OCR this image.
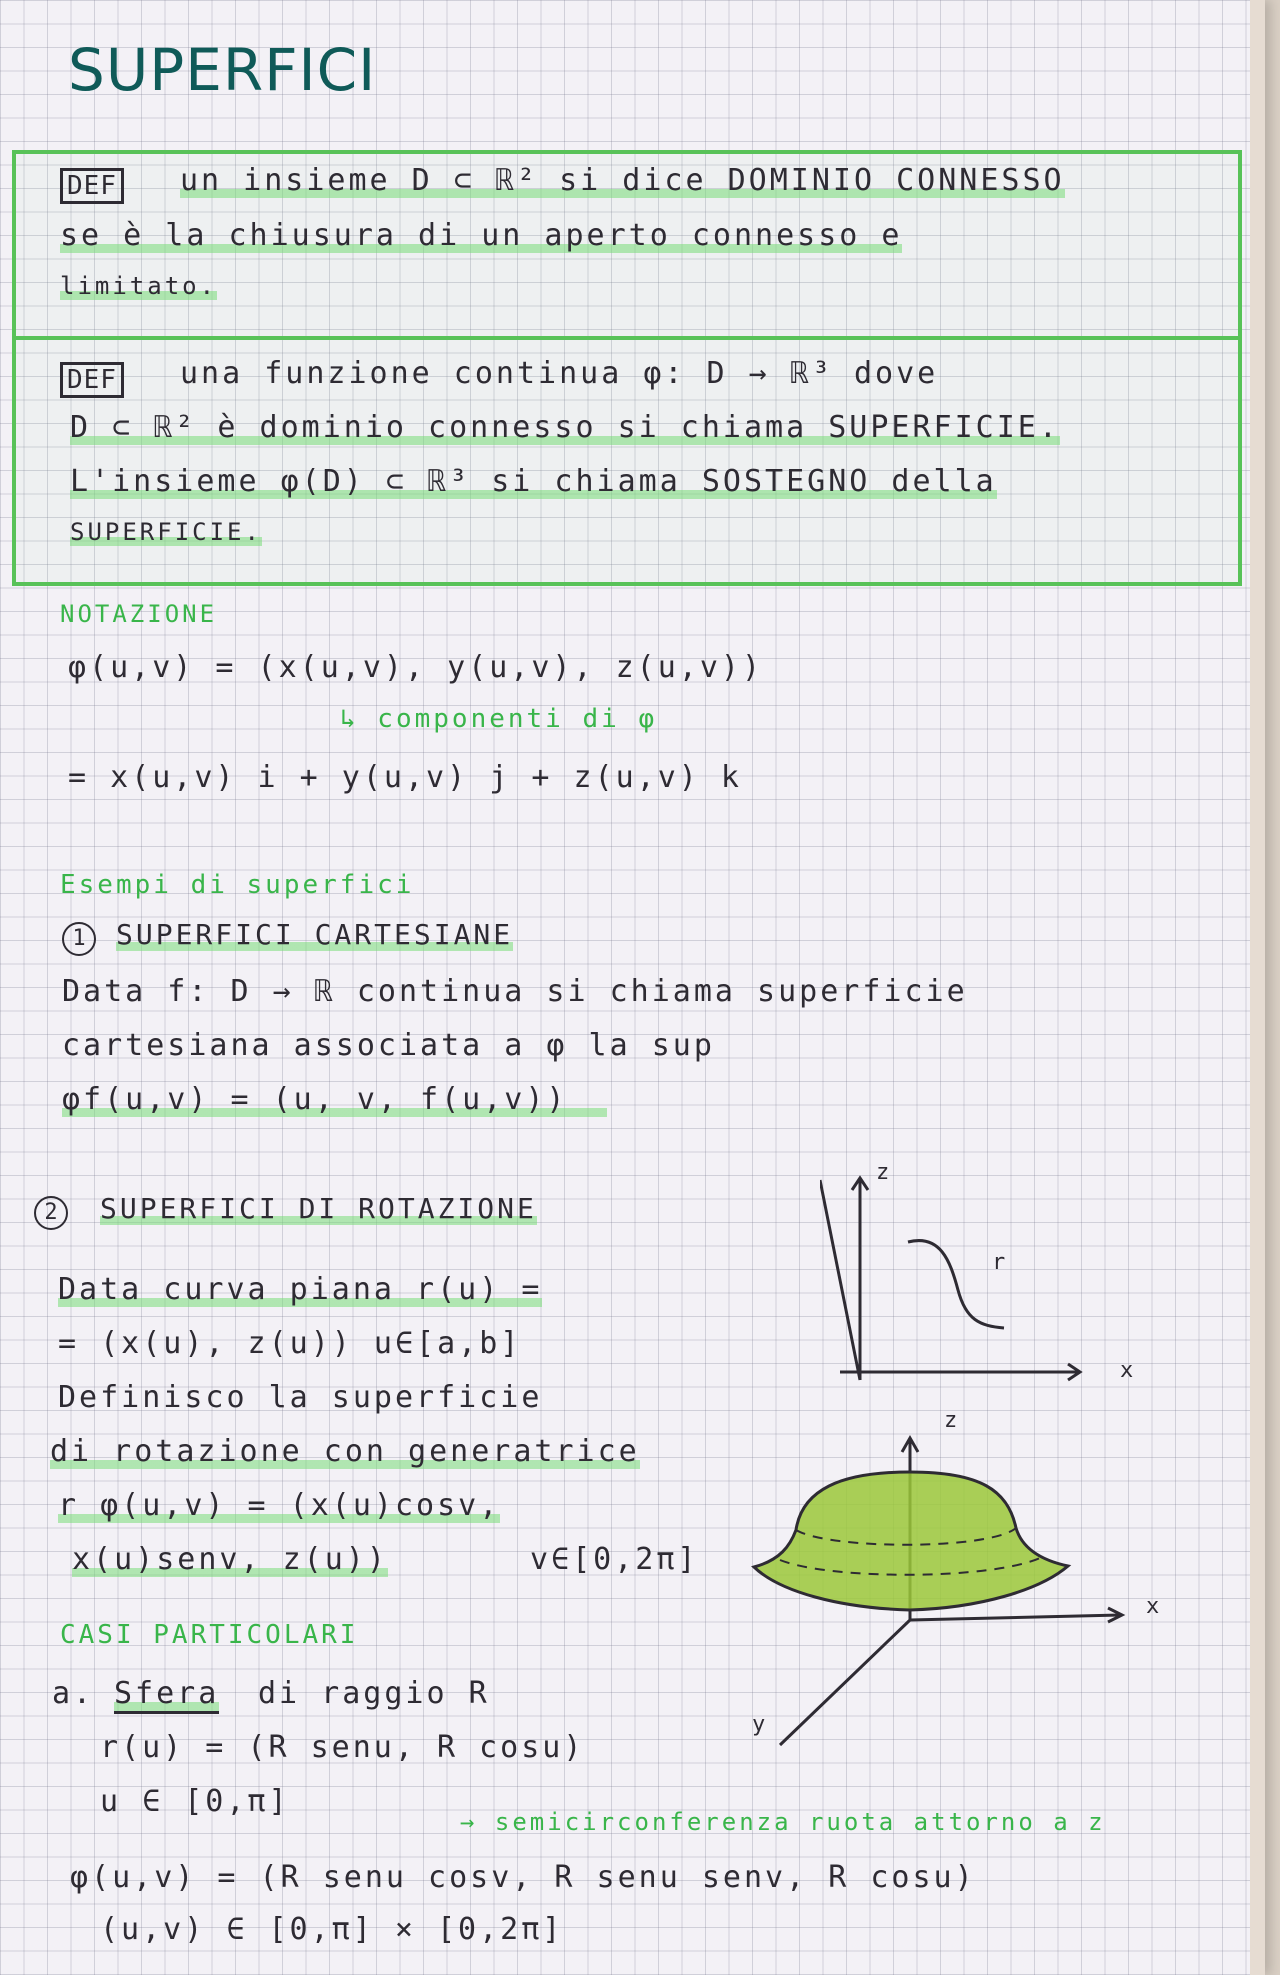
SUPERFICI
DEF un insieme D ⊂ ℝ² si dice DOMINIO CONNESSO
se è la chiusura di un aperto connesso e
limitato.
DEF una funzione continua φ: D → ℝ³ dove
D ⊂ ℝ² è dominio connesso si chiama SUPERFICIE.
L'insieme φ(D) ⊂ ℝ³ si chiama SOSTEGNO della
SUPERFICIE.
NOTAZIONE
φ(u,v) = (x(u,v), y(u,v), z(u,v))
↳ componenti di φ
= x(u,v) i + y(u,v) j + z(u,v) k
Esempi di superfici
1	SUPERFICI CARTESIANE
Data f: D → ℝ continua si chiama superficie
cartesiana associata a φ la sup
φf(u,v) = (u, v, f(u,v))
2	SUPERFICI DI ROTAZIONE
Data curva piana r(u) =
= (x(u), z(u)) u∈[a,b]
Definisco la superficie
di rotazione con generatrice
r φ(u,v) = (x(u)cosv,
x(u)senv, z(u))	v∈[0,2π]
CASI PARTICOLARI
a. Sfera di raggio R
r(u) = (R senu, R cosu)
u ∈ [0,π]
→ semicirconferenza ruota attorno a z
φ(u,v) = (R senu cosv, R senu senv, R cosu)
(u,v) ∈ [0,π] × [0,2π]
z
x
r
z
x
y
